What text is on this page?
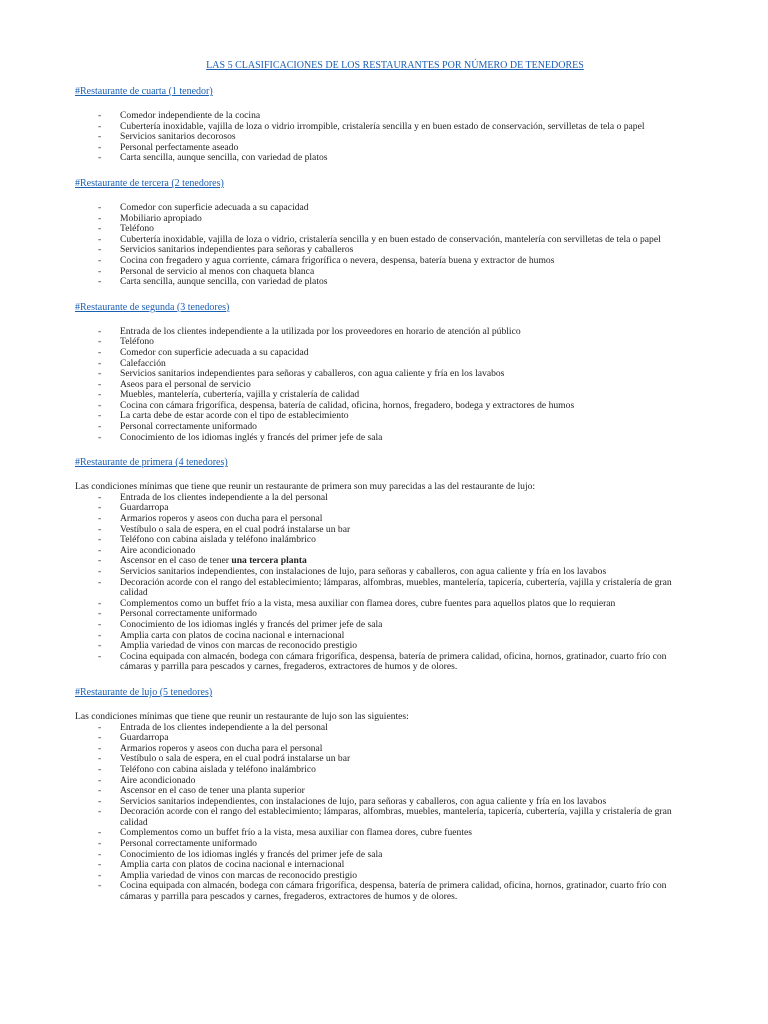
LAS 5 CLASIFICACIONES DE LOS RESTAURANTES POR NÚMERO DE TENEDORES
#Restaurante de cuarta (1 tenedor)
- Comedor independiente de la cocina
- Cubertería inoxidable, vajilla de loza o vidrio irrompible, cristalería sencilla y en buen estado de conservación, servilletas de tela o papel
- Servicios sanitarios decorosos
- Personal perfectamente aseado
- Carta sencilla, aunque sencilla, con variedad de platos
#Restaurante de tercera (2 tenedores)
- Comedor con superficie adecuada a su capacidad
- Mobiliario apropiado
- Teléfono
- Cubertería inoxidable, vajilla de loza o vidrio, cristalería sencilla y en buen estado de conservación, mantelería con servilletas de tela o papel
- Servicios sanitarios independientes para señoras y caballeros
- Cocina con fregadero y agua corriente, cámara frigorífica o nevera, despensa, batería buena y extractor de humos
- Personal de servicio al menos con chaqueta blanca
- Carta sencilla, aunque sencilla, con variedad de platos
#Restaurante de segunda (3 tenedores)
- Entrada de los clientes independiente a la utilizada por los proveedores en horario de atención al público
- Teléfono
- Comedor con superficie adecuada a su capacidad
- Calefacción
- Servicios sanitarios independientes para señoras y caballeros, con agua caliente y fría en los lavabos
- Aseos para el personal de servicio
- Muebles, mantelería, cubertería, vajilla y cristalería de calidad
- Cocina con cámara frigorífica, despensa, batería de calidad, oficina, hornos, fregadero, bodega y extractores de humos
- La carta debe de estar acorde con el tipo de establecimiento
- Personal correctamente uniformado
- Conocimiento de los idiomas inglés y francés del primer jefe de sala
#Restaurante de primera (4 tenedores)

Las condiciones mínimas que tiene que reunir un restaurante de primera son muy parecidas a las del restaurante de lujo:

- Entrada de los clientes independiente a la del personal
- Guardarropa
- Armarios roperos y aseos con ducha para el personal
- Vestíbulo o sala de espera, en el cual podrá instalarse un bar
- Teléfono con cabina aislada y teléfono inalámbrico
- Aire acondicionado
- Ascensor en el caso de tener una tercera planta
- Servicios sanitarios independientes, con instalaciones de lujo, para señoras y caballeros, con agua caliente y fría en los lavabos
- Decoración acorde con el rango del establecimiento; lámparas, alfombras, muebles, mantelería, tapicería, cubertería, vajilla y cristalería de gran calidad
- Complementos como un buffet frío a la vista, mesa auxiliar con flamea dores, cubre fuentes para aquellos platos que lo requieran
- Personal correctamente uniformado
- Conocimiento de los idiomas inglés y francés del primer jefe de sala
- Amplia carta con platos de cocina nacional e internacional
- Amplia variedad de vinos con marcas de reconocido prestigio
- Cocina equipada con almacén, bodega con cámara frigorífica, despensa, batería de primera calidad, oficina, hornos, gratinador, cuarto frío con cámaras y parrilla para pescados y carnes, fregaderos, extractores de humos y de olores.
#Restaurante de lujo (5 tenedores)

Las condiciones mínimas que tiene que reunir un restaurante de lujo son las siguientes:

- Entrada de los clientes independiente a la del personal
- Guardarropa
- Armarios roperos y aseos con ducha para el personal
- Vestíbulo o sala de espera, en el cual podrá instalarse un bar
- Teléfono con cabina aislada y teléfono inalámbrico
- Aire acondicionado
- Ascensor en el caso de tener una planta superior
- Servicios sanitarios independientes, con instalaciones de lujo, para señoras y caballeros, con agua caliente y fría en los lavabos
- Decoración acorde con el rango del establecimiento; lámparas, alfombras, muebles, mantelería, tapicería, cubertería, vajilla y cristalería de gran calidad
- Complementos como un buffet frío a la vista, mesa auxiliar con flamea dores, cubre fuentes
- Personal correctamente uniformado
- Conocimiento de los idiomas inglés y francés del primer jefe de sala
- Amplia carta con platos de cocina nacional e internacional
- Amplia variedad de vinos con marcas de reconocido prestigio
- Cocina equipada con almacén, bodega con cámara frigorífica, despensa, batería de primera calidad, oficina, hornos, gratinador, cuarto frío con cámaras y parrilla para pescados y carnes, fregaderos, extractores de humos y de olores.
